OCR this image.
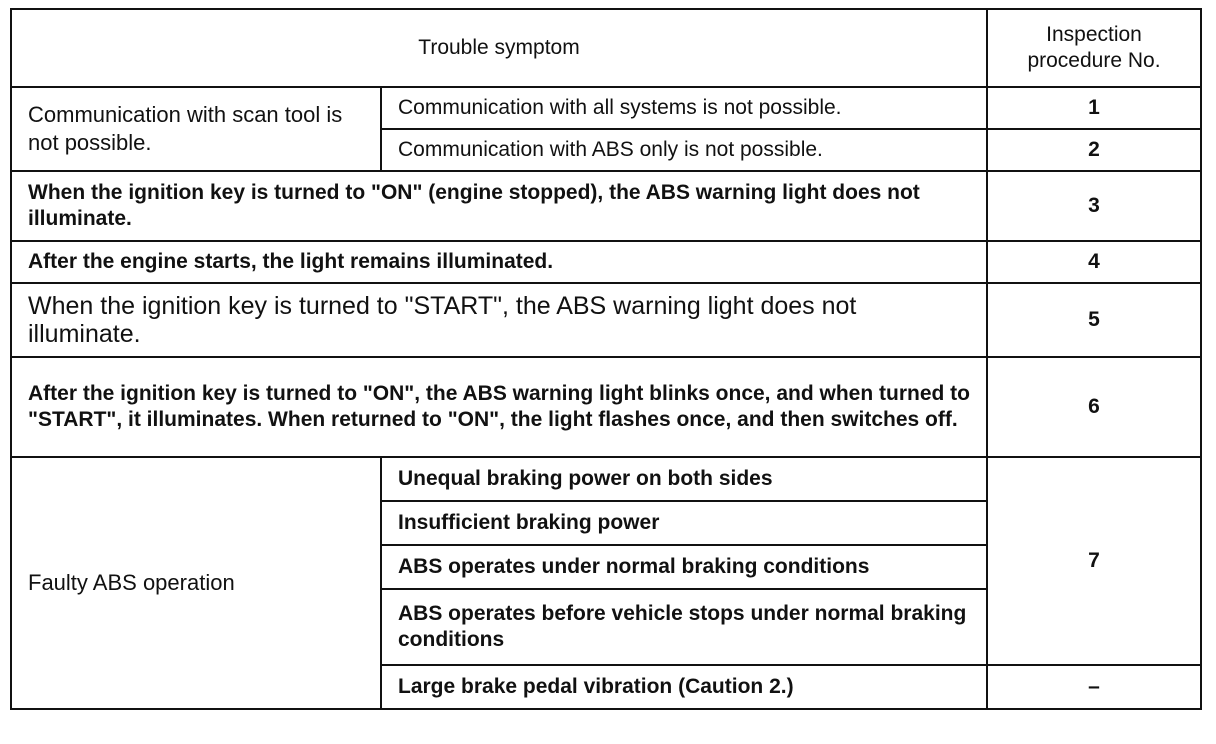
Trouble symptom		Inspection procedure No.
Communication with scan tool is not possible.	Communication with all systems is not possible.	1
	Communication with ABS only is not possible.	2
When the ignition key is turned to "ON" (engine stopped), the ABS warning light does not illuminate.		3
After the engine starts, the light remains illuminated.		4
When the ignition key is turned to "START", the ABS warning light does not illuminate.		5
After the ignition key is turned to "ON", the ABS warning light blinks once, and when turned to "START", it illuminates. When returned to "ON", the light flashes once, and then switches off.		6
Faulty ABS operation	Unequal braking power on both sides	7
	Insufficient braking power	
	ABS operates under normal braking conditions	
	ABS operates before vehicle stops under normal braking conditions	
	Large brake pedal vibration (Caution 2.)	–
